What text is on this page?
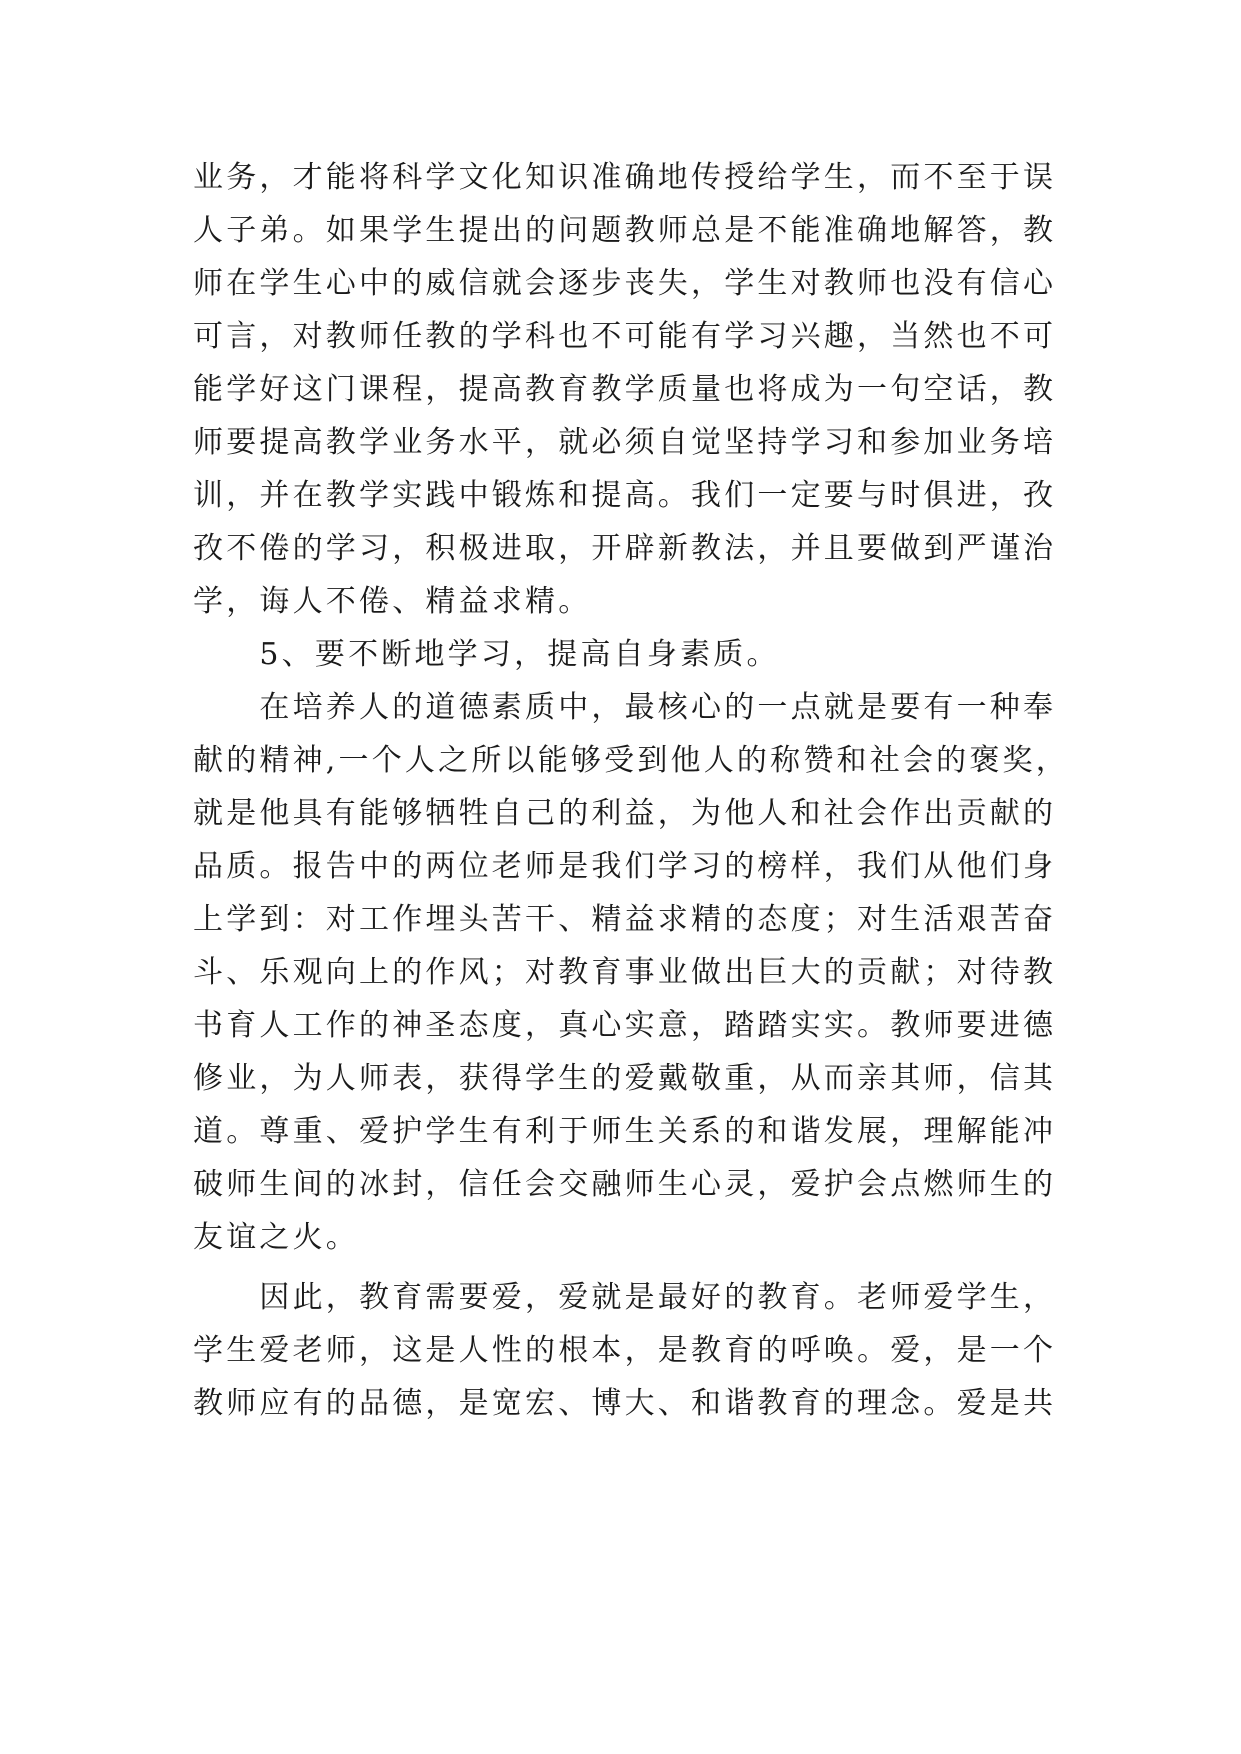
业务，才能将科学文化知识准确地传授给学生，而不至于误
人子弟。如果学生提出的问题教师总是不能准确地解答，教
师在学生心中的威信就会逐步丧失，学生对教师也没有信心
可言，对教师任教的学科也不可能有学习兴趣，当然也不可
能学好这门课程，提高教育教学质量也将成为一句空话，教
师要提高教学业务水平，就必须自觉坚持学习和参加业务培
训，并在教学实践中锻炼和提高。我们一定要与时俱进，孜
孜不倦的学习，积极进取，开辟新教法，并且要做到严谨治
学，诲人不倦、精益求精。
　　5、要不断地学习，提高自身素质。
　　在培养人的道德素质中，最核心的一点就是要有一种奉
献的精神,一个人之所以能够受到他人的称赞和社会的褒奖，
就是他具有能够牺牲自己的利益，为他人和社会作出贡献的
品质。报告中的两位老师是我们学习的榜样，我们从他们身
上学到：对工作埋头苦干、精益求精的态度；对生活艰苦奋
斗、乐观向上的作风；对教育事业做出巨大的贡献；对待教
书育人工作的神圣态度，真心实意，踏踏实实。教师要进德
修业，为人师表，获得学生的爱戴敬重，从而亲其师，信其
道。尊重、爱护学生有利于师生关系的和谐发展，理解能冲
破师生间的冰封，信任会交融师生心灵，爱护会点燃师生的
友谊之火。
　　因此，教育需要爱，爱就是最好的教育。老师爱学生，
学生爱老师，这是人性的根本，是教育的呼唤。爱，是一个
教师应有的品德，是宽宏、博大、和谐教育的理念。爱是共
